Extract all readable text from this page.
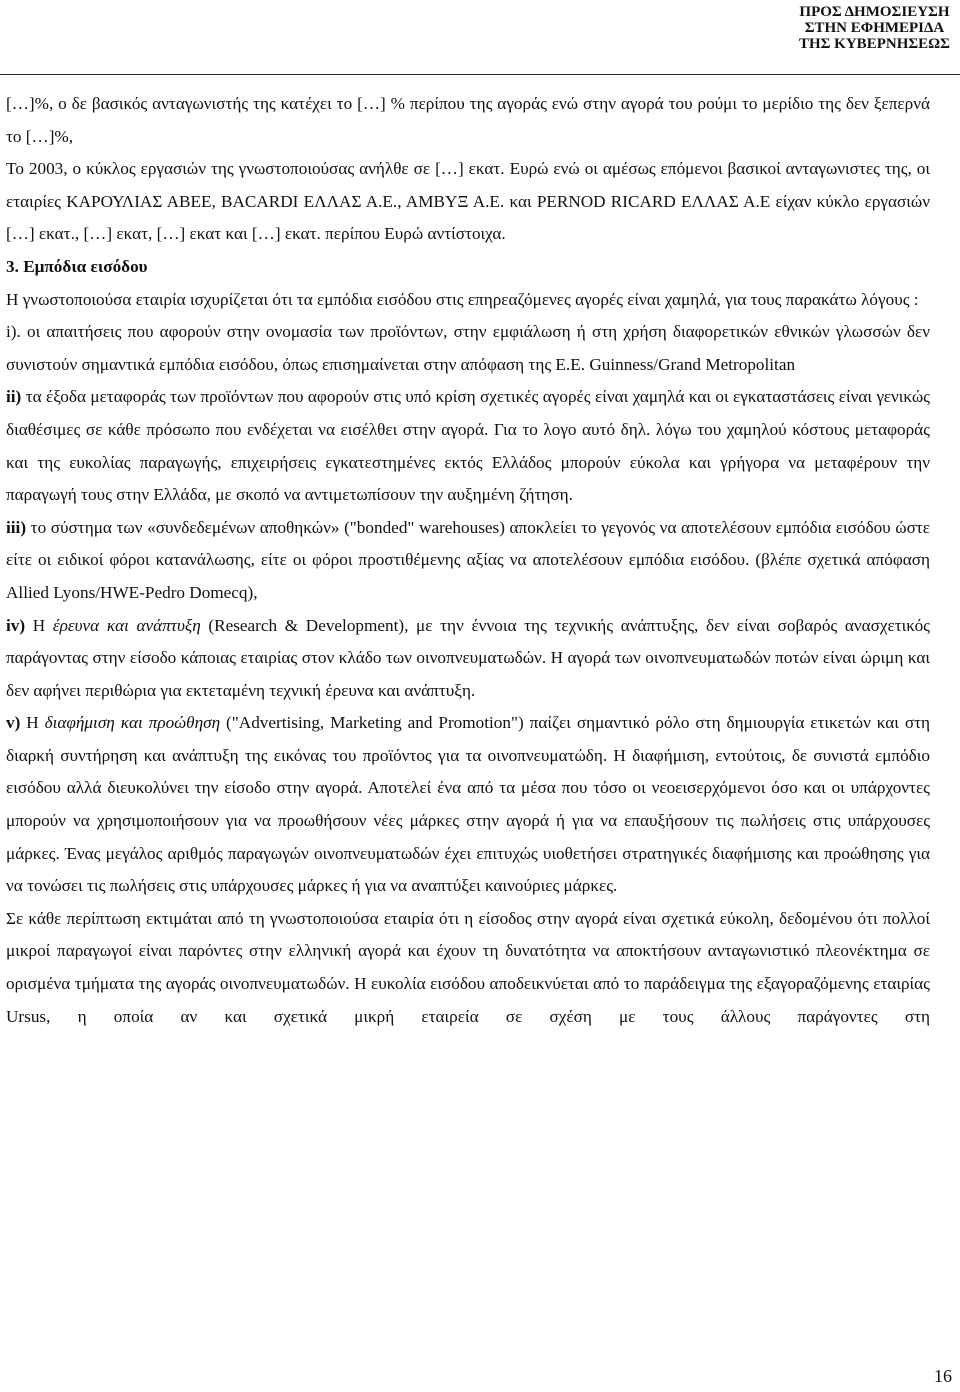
ΠΡΟΣ ΔΗΜΟΣΙΕΥΣΗ
ΣΤΗΝ ΕΦΗΜΕΡΙΔΑ
ΤΗΣ ΚΥΒΕΡΝΗΣΕΩΣ

[…]%, ο δε βασικός ανταγωνιστής της κατέχει το […] % περίπου της αγοράς ενώ στην αγορά του ρούμι το μερίδιο της δεν ξεπερνά το […]%,

Το 2003, ο κύκλος εργασιών της γνωστοποιούσας ανήλθε σε […] εκατ. Ευρώ ενώ οι αμέσως επόμενοι βασικοί ανταγωνιστες της, οι εταιρίες ΚΑΡΟΥΛΙΑΣ ΑΒΕΕ, BACARDI ΕΛΛΑΣ Α.Ε., ΑΜΒΥΞ Α.Ε. και PERNOD RICARD ΕΛΛΑΣ Α.Ε είχαν κύκλο εργασιών […] εκατ., […] εκατ, […] εκατ και […] εκατ. περίπου Ευρώ αντίστοιχα.

3. Εμπόδια εισόδου

Η γνωστοποιούσα εταιρία ισχυρίζεται ότι τα εμπόδια εισόδου στις επηρεαζόμενες αγορές είναι χαμηλά, για τους παρακάτω λόγους :

i). οι απαιτήσεις που αφορούν στην ονομασία των προϊόντων, στην εμφιάλωση ή στη χρήση διαφορετικών εθνικών γλωσσών δεν συνιστούν σημαντικά εμπόδια εισόδου, όπως επισημαίνεται στην απόφαση της Ε.Ε. Guinness/Grand Metropolitan

ii) τα έξοδα μεταφοράς των προϊόντων που αφορούν στις υπό κρίση σχετικές αγορές είναι χαμηλά και οι εγκαταστάσεις είναι γενικώς διαθέσιμες σε κάθε πρόσωπο που ενδέχεται να εισέλθει στην αγορά. Για το λογο αυτό δηλ. λόγω του χαμηλού κόστους μεταφοράς και της ευκολίας παραγωγής, επιχειρήσεις εγκατεστημένες εκτός Ελλάδος μπορούν εύκολα και γρήγορα να μεταφέρουν την παραγωγή τους στην Ελλάδα, με σκοπό να αντιμετωπίσουν την αυξημένη ζήτηση.

iii) το σύστημα των «συνδεδεμένων αποθηκών» ("bonded" warehouses) αποκλείει το γεγονός να αποτελέσουν εμπόδια εισόδου ώστε είτε οι ειδικοί φόροι κατανάλωσης, είτε οι φόροι προστιθέμενης αξίας να αποτελέσουν εμπόδια εισόδου. (βλέπε σχετικά απόφαση Allied Lyons/HWE-Pedro Domecq),

iv) Η έρευνα και ανάπτυξη (Research & Development), με την έννοια της τεχνικής ανάπτυξης, δεν είναι σοβαρός ανασχετικός παράγοντας στην είσοδο κάποιας εταιρίας στον κλάδο των οινοπνευματωδών. Η αγορά των οινοπνευματωδών ποτών είναι ώριμη και δεν αφήνει περιθώρια για εκτεταμένη τεχνική έρευνα και ανάπτυξη.

v) Η διαφήμιση και προώθηση ("Advertising, Marketing and Promotion") παίζει σημαντικό ρόλο στη δημιουργία ετικετών και στη διαρκή συντήρηση και ανάπτυξη της εικόνας του προϊόντος για τα οινοπνευματώδη. Η διαφήμιση, εντούτοις, δε συνιστά εμπόδιο εισόδου αλλά διευκολύνει την είσοδο στην αγορά. Αποτελεί ένα από τα μέσα που τόσο οι νεοεισερχόμενοι όσο και οι υπάρχοντες μπορούν να χρησιμοποιήσουν για να προωθήσουν νέες μάρκες στην αγορά ή για να επαυξήσουν τις πωλήσεις στις υπάρχουσες μάρκες. Ένας μεγάλος αριθμός παραγωγών οινοπνευματωδών έχει επιτυχώς υιοθετήσει στρατηγικές διαφήμισης και προώθησης για να τονώσει τις πωλήσεις στις υπάρχουσες μάρκες ή για να αναπτύξει καινούριες μάρκες.

Σε κάθε περίπτωση εκτιμάται από τη γνωστοποιούσα εταιρία ότι η είσοδος στην αγορά είναι σχετικά εύκολη, δεδομένου ότι πολλοί μικροί παραγωγοί είναι παρόντες στην ελληνική αγορά και έχουν τη δυνατότητα να αποκτήσουν ανταγωνιστικό πλεονέκτημα σε ορισμένα τμήματα της αγοράς οινοπνευματωδών. Η ευκολία εισόδου αποδεικνύεται από το παράδειγμα της εξαγοραζόμενης εταιρίας Ursus, η οποία αν και σχετικά μικρή εταιρεία σε σχέση με τους άλλους παράγοντες στη

16
